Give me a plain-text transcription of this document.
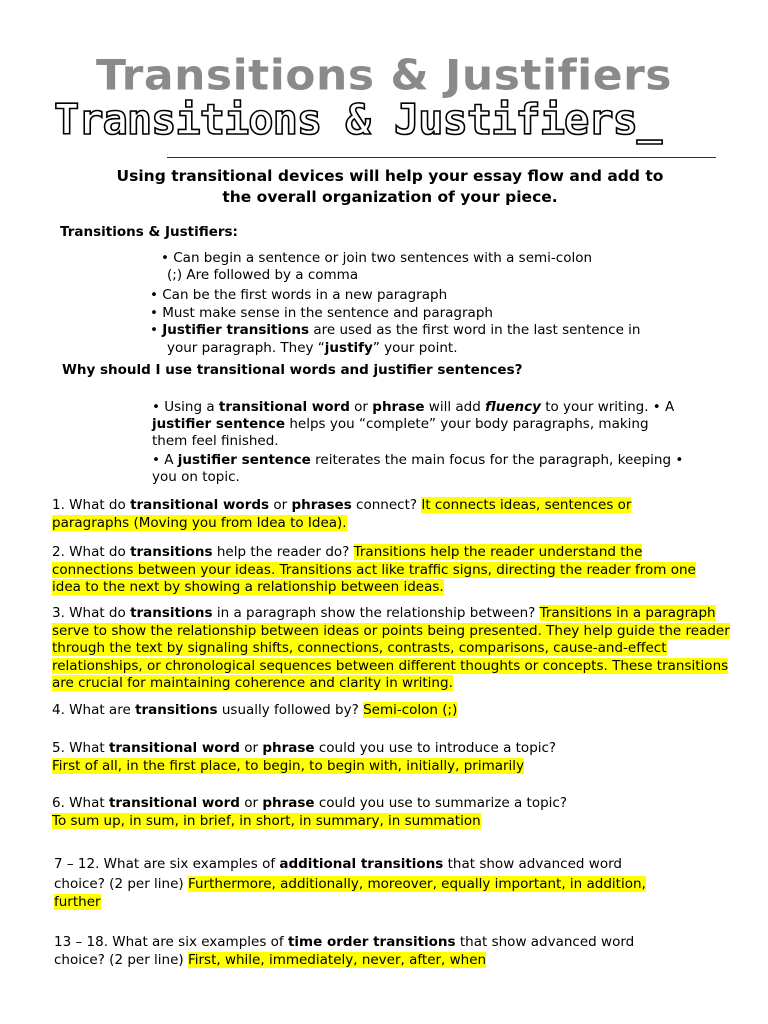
Transitions & Justifiers
Transitions & Justifiers_
Using transitional devices will help your essay flow and add to
the overall organization of your piece.
Transitions & Justifiers:
• Can begin a sentence or join two sentences with a semi-colon
(;) Are followed by a comma
• Can be the first words in a new paragraph
• Must make sense in the sentence and paragraph
• Justifier transitions are used as the first word in the last sentence in
your paragraph. They “justify” your point.
Why should I use transitional words and justifier sentences?
• Using a transitional word or phrase will add fluency to your writing. • A
justifier sentence helps you “complete” your body paragraphs, making
them feel finished.
• A justifier sentence reiterates the main focus for the paragraph, keeping •
you on topic.
1. What do transitional words or phrases connect? It connects ideas, sentences or
paragraphs (Moving you from Idea to Idea).
2. What do transitions help the reader do? Transitions help the reader understand the
connections between your ideas. Transitions act like traffic signs, directing the reader from one
idea to the next by showing a relationship between ideas.
3. What do transitions in a paragraph show the relationship between? Transitions in a paragraph
serve to show the relationship between ideas or points being presented. They help guide the reader
through the text by signaling shifts, connections, contrasts, comparisons, cause-and-effect
relationships, or chronological sequences between different thoughts or concepts. These transitions
are crucial for maintaining coherence and clarity in writing.
4. What are transitions usually followed by? Semi-colon (;)
5. What transitional word or phrase could you use to introduce a topic?
First of all, in the first place, to begin, to begin with, initially, primarily
6. What transitional word or phrase could you use to summarize a topic?
To sum up, in sum, in brief, in short, in summary, in summation
7 – 12. What are six examples of additional transitions that show advanced word
choice? (2 per line) Furthermore, additionally, moreover, equally important, in addition,
further
13 – 18. What are six examples of time order transitions that show advanced word
choice? (2 per line) First, while, immediately, never, after, when
